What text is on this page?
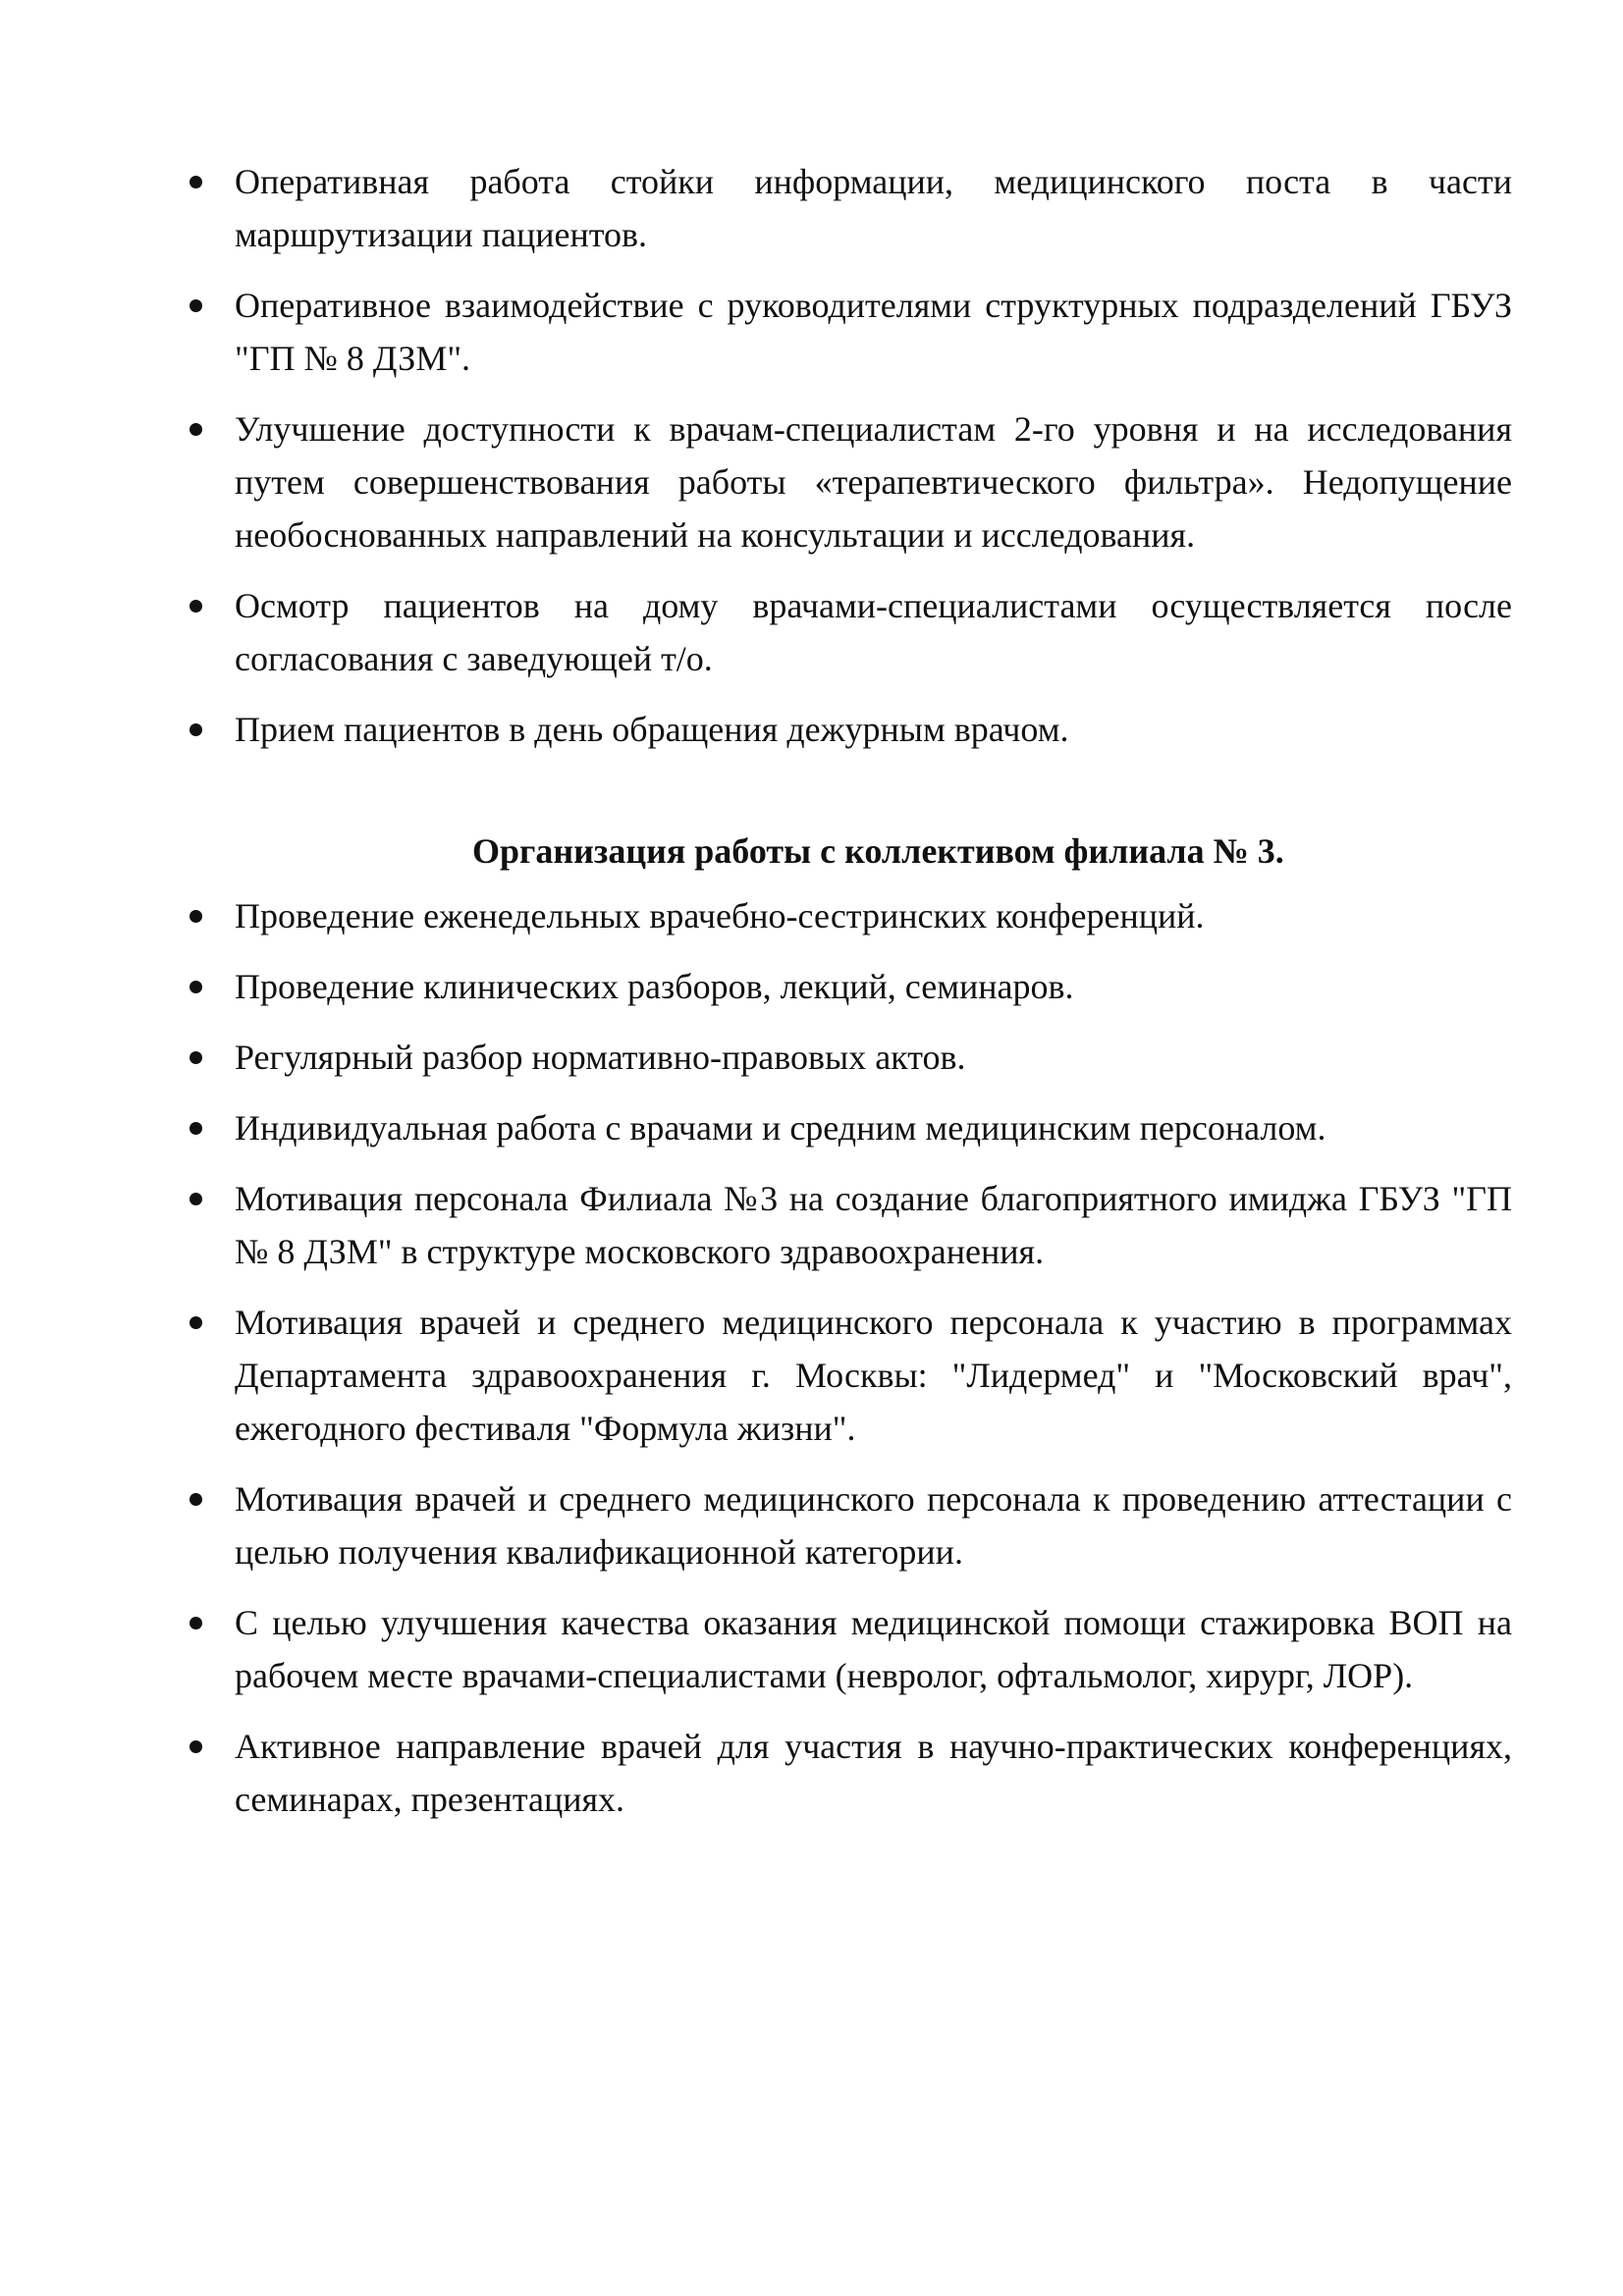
Оперативная работа стойки информации, медицинского поста в части маршрутизации пациентов.
Оперативное взаимодействие с руководителями структурных подразделений ГБУЗ "ГП № 8 ДЗМ".
Улучшение доступности к врачам-специалистам 2-го уровня и на исследования путем совершенствования работы «терапевтического фильтра». Недопущение необоснованных направлений на консультации и исследования.
Осмотр пациентов на дому врачами-специалистами осуществляется после согласования с заведующей т/о.
Прием пациентов в день обращения дежурным врачом.
Организация работы с коллективом филиала № 3.
Проведение еженедельных врачебно-сестринских конференций.
Проведение клинических разборов, лекций, семинаров.
Регулярный разбор нормативно-правовых актов.
Индивидуальная работа с врачами и средним медицинским персоналом.
Мотивация персонала Филиала №3 на создание благоприятного имиджа ГБУЗ "ГП № 8 ДЗМ" в структуре московского здравоохранения.
Мотивация врачей и среднего медицинского персонала к участию в программах Департамента здравоохранения г. Москвы: "Лидермед" и "Московский врач", ежегодного фестиваля "Формула жизни".
Мотивация врачей и среднего медицинского персонала к проведению аттестации с целью получения квалификационной категории.
С целью улучшения качества оказания медицинской помощи стажировка ВОП на рабочем месте врачами-специалистами (невролог, офтальмолог, хирург, ЛОР).
Активное направление врачей для участия в научно-практических конференциях, семинарах, презентациях.
